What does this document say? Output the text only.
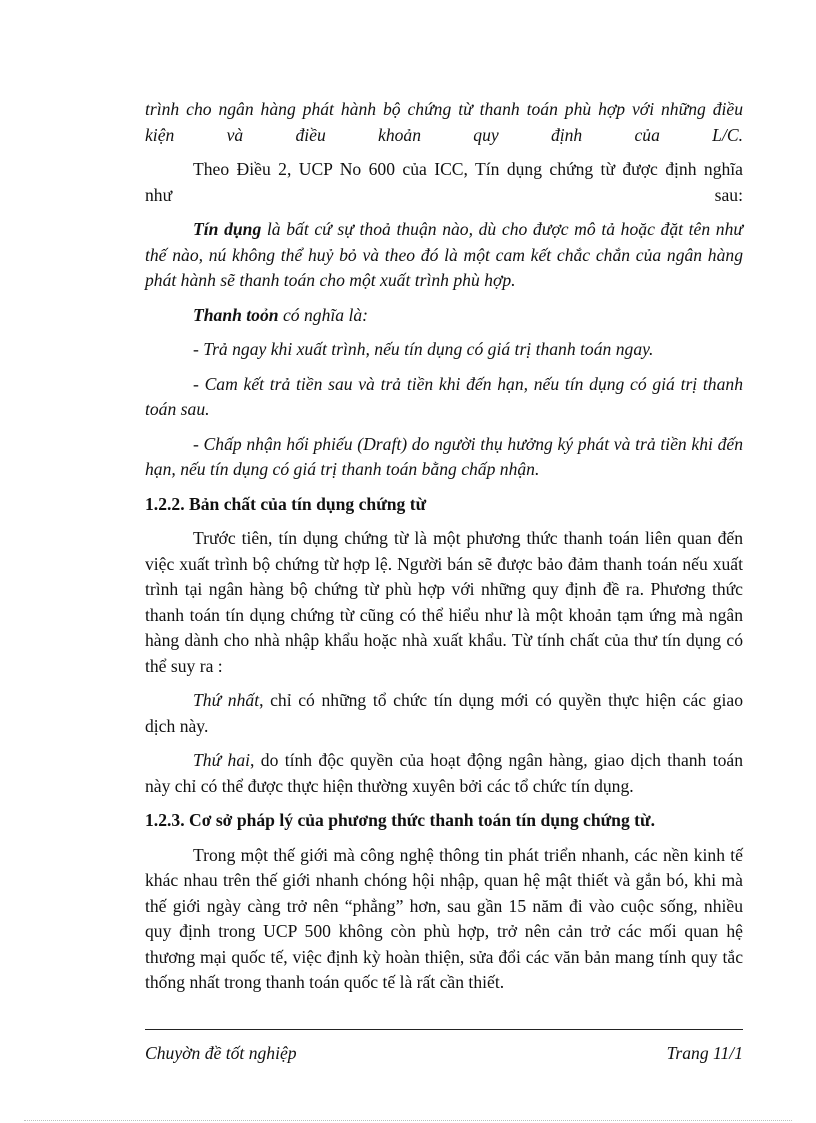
trình cho ngân hàng phát hành bộ chứng từ thanh toán phù hợp với những điều

kiện	và	điều	khoản	quy	định	của	L/C.

Theo Điều 2, UCP No 600 của ICC, Tín dụng chứng từ được định nghĩa

như	sau:

Tín dụng là bất cứ sự thoả thuận nào, dù cho được mô tả hoặc đặt tên như thế nào, nú không thể huỷ bỏ và theo đó là một cam kết chắc chắn của ngân hàng phát hành sẽ thanh toán cho một xuất trình phù hợp.

Thanh toỏn có nghĩa là:

- Trả ngay khi xuất trình, nếu tín dụng có giá trị thanh toán ngay.

- Cam kết trả tiền sau và trả tiền khi đến hạn, nếu tín dụng có giá trị thanh toán sau.

- Chấp nhận hối phiếu (Draft) do người thụ hưởng ký phát và trả tiền khi đến hạn, nếu tín dụng có giá trị thanh toán bằng chấp nhận.

1.2.2. Bản chất của tín dụng chứng từ

Trước tiên, tín dụng chứng từ là một phương thức thanh toán liên quan đến việc xuất trình bộ chứng từ hợp lệ. Người bán sẽ được bảo đảm thanh toán nếu xuất trình tại ngân hàng bộ chứng từ phù hợp với những quy định đề ra. Phương thức thanh toán tín dụng chứng từ cũng có thể hiểu như là một khoản tạm ứng mà ngân hàng dành cho nhà nhập khẩu hoặc nhà xuất khẩu. Từ tính chất của thư tín dụng có thể suy ra :

Thứ nhất, chỉ có những tổ chức tín dụng mới có quyền thực hiện các giao dịch này.

Thứ hai, do tính độc quyền của hoạt động ngân hàng, giao dịch thanh toán này chỉ có thể được thực hiện thường xuyên bởi các tổ chức tín dụng.

1.2.3. Cơ sở pháp lý của phương thức thanh toán tín dụng chứng từ.

Trong một thế giới mà công nghệ thông tin phát triển nhanh, các nền kinh tế khác nhau trên thế giới nhanh chóng hội nhập, quan hệ mật thiết và gắn bó, khi mà thế giới ngày càng trở nên “phẳng” hơn, sau gần 15 năm đi vào cuộc sống, nhiều quy định trong UCP 500 không còn phù hợp, trở nên cản trở các mối quan hệ thương mại quốc tế, việc định kỳ hoàn thiện, sửa đổi các văn bản mang tính quy tắc thống nhất trong thanh toán quốc tế là rất cần thiết.

Chuyờn đề tốt nghiệp	Trang 11/1
